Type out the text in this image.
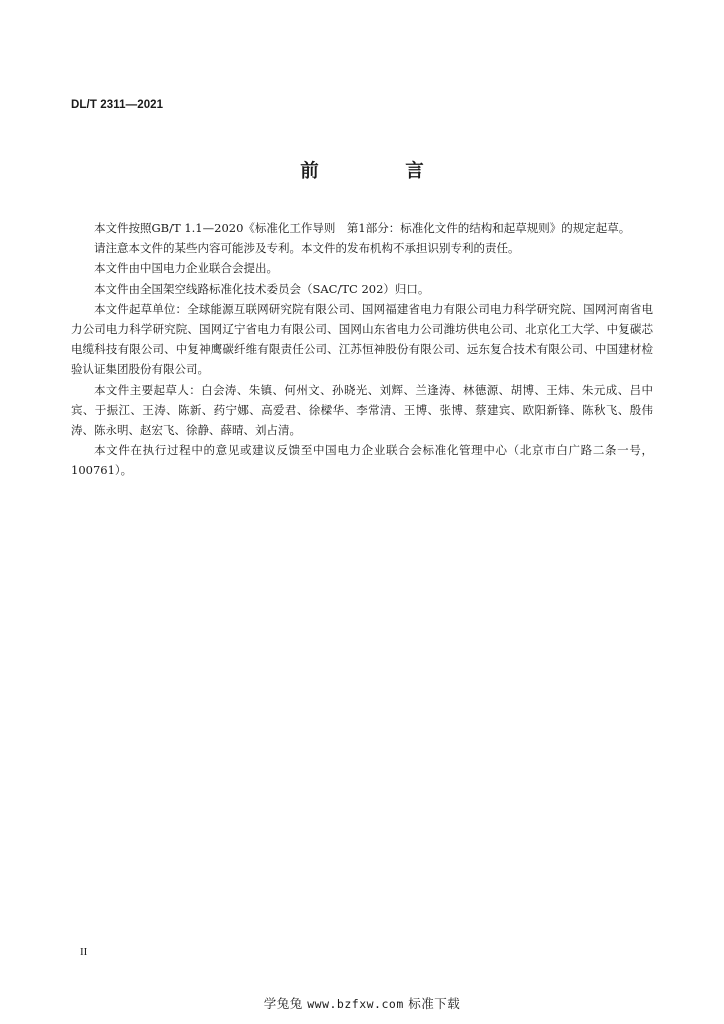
DL/T 2311—2021
前　言

本文件按照GB/T 1.1—2020《标准化工作导则　第1部分：标准化文件的结构和起草规则》的规定起草。

请注意本文件的某些内容可能涉及专利。本文件的发布机构不承担识别专利的责任。

本文件由中国电力企业联合会提出。

本文件由全国架空线路标准化技术委员会（SAC/TC 202）归口。

本文件起草单位：全球能源互联网研究院有限公司、国网福建省电力有限公司电力科学研究院、国网河南省电力公司电力科学研究院、国网辽宁省电力有限公司、国网山东省电力公司潍坊供电公司、北京化工大学、中复碳芯电缆科技有限公司、中复神鹰碳纤维有限责任公司、江苏恒神股份有限公司、远东复合技术有限公司、中国建材检验认证集团股份有限公司。

本文件主要起草人：白会涛、朱镇、何州文、孙晓光、刘辉、兰逢涛、林德源、胡博、王炜、朱元成、吕中宾、于振江、王涛、陈新、药宁娜、高爱君、徐樑华、李常清、王博、张博、蔡建宾、欧阳新锋、陈秋飞、殷伟涛、陈永明、赵宏飞、徐静、薛晴、刘占清。

本文件在执行过程中的意见或建议反馈至中国电力企业联合会标准化管理中心（北京市白广路二条一号，100761）。

II
学兔兔 www.bzfxw.com 标准下载
